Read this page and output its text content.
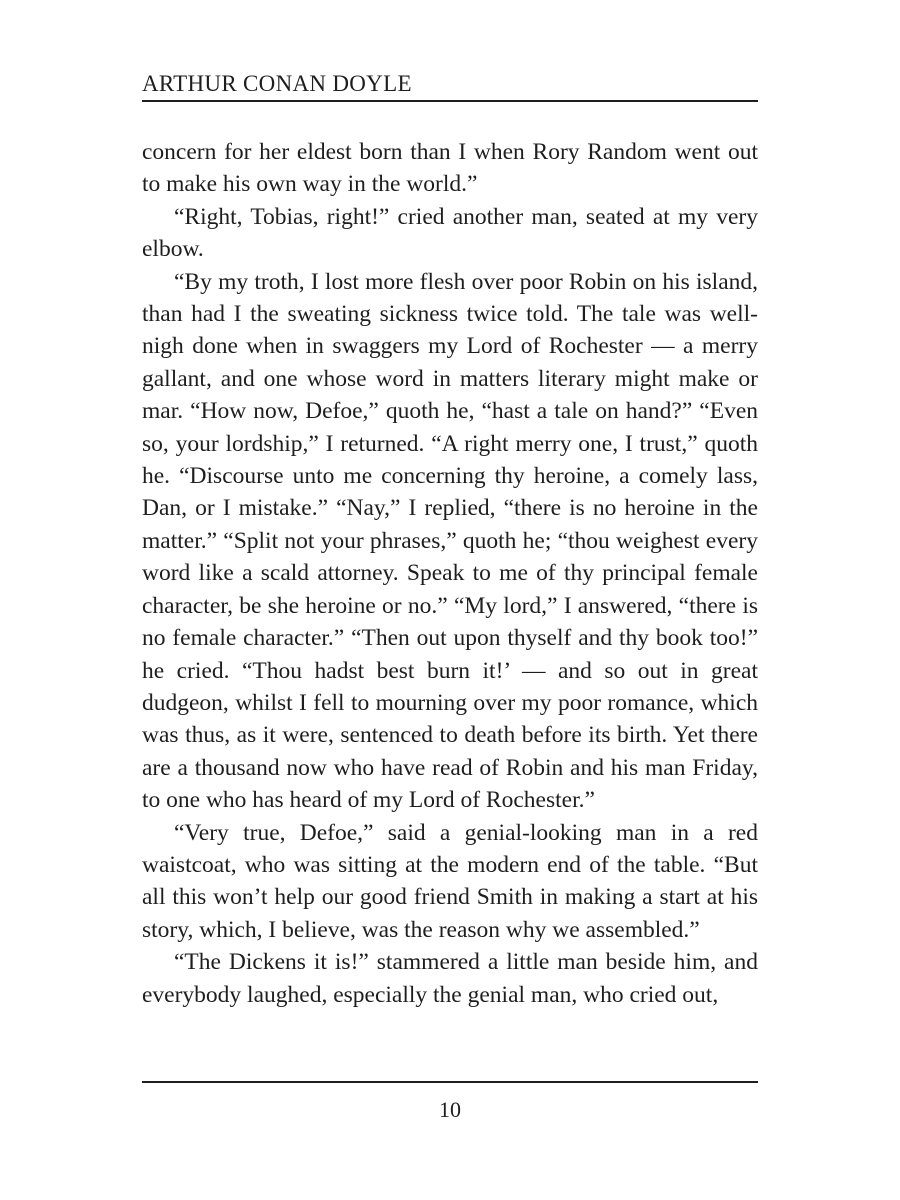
ARTHUR CONAN DOYLE

concern for her eldest born than I when Rory Random went out to make his own way in the world.”

“Right, Tobias, right!” cried another man, seated at my very elbow.

“By my troth, I lost more flesh over poor Robin on his island, than had I the sweating sickness twice told. The tale was well-nigh done when in swaggers my Lord of Rochester — a merry gallant, and one whose word in matters literary might make or mar. “How now, Defoe,” quoth he, “hast a tale on hand?” “Even so, your lordship,” I returned. “A right merry one, I trust,” quoth he. “Discourse unto me concerning thy heroine, a comely lass, Dan, or I mistake.” “Nay,” I replied, “there is no heroine in the matter.” “Split not your phrases,” quoth he; “thou weighest every word like a scald attorney. Speak to me of thy principal female character, be she heroine or no.” “My lord,” I answered, “there is no female character.” “Then out upon thyself and thy book too!” he cried. “Thou hadst best burn it!’ — and so out in great dudgeon, whilst I fell to mourning over my poor romance, which was thus, as it were, sentenced to death before its birth. Yet there are a thousand now who have read of Robin and his man Friday, to one who has heard of my Lord of Rochester.”

“Very true, Defoe,” said a genial-looking man in a red waistcoat, who was sitting at the modern end of the table. “But all this won’t help our good friend Smith in making a start at his story, which, I believe, was the reason why we assembled.”

“The Dickens it is!” stammered a little man beside him, and everybody laughed, especially the genial man, who cried out,

10
